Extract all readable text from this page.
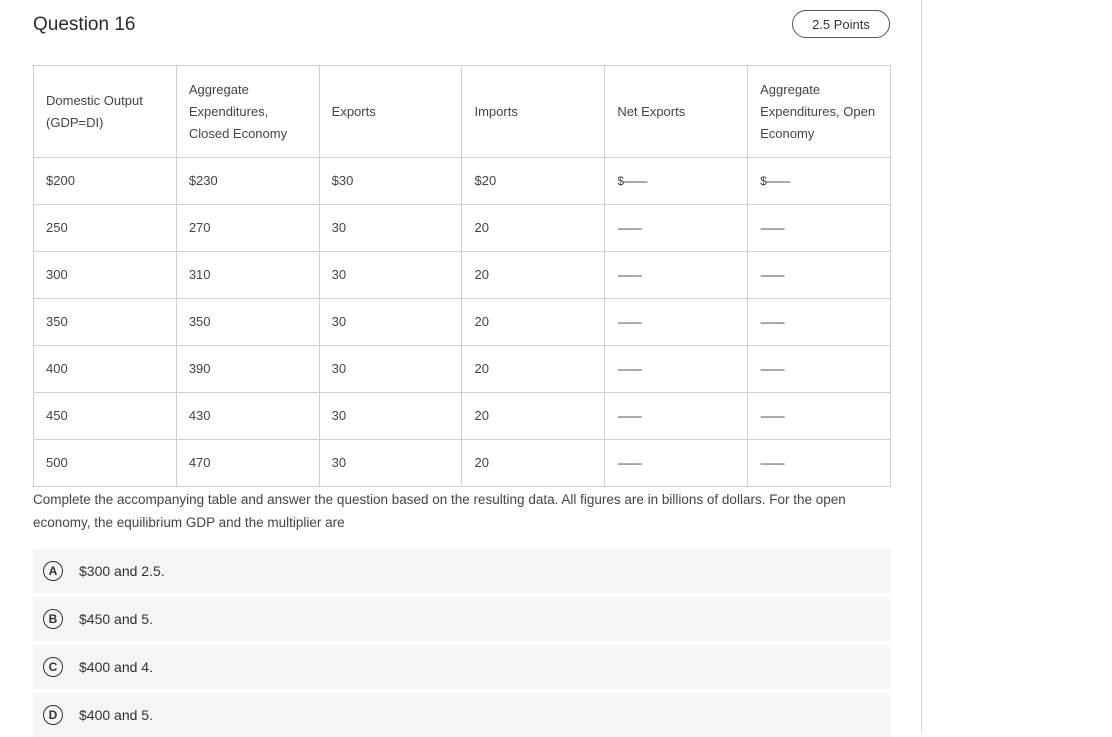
Question 16	2.5 Points
Domestic Output (GDP=DI)	Aggregate Expenditures, Closed Economy	Exports	Imports	Net Exports	Aggregate Expenditures, Open Economy
$200	$230	$30	$20	$--------	$--------
250	270	30	20	--------	--------
300	310	30	20	--------	--------
350	350	30	20	--------	--------
400	390	30	20	--------	--------
450	430	30	20	--------	--------
500	470	30	20	--------	--------

Complete the accompanying table and answer the question based on the resulting data. All figures are in billions of dollars. For the open economy, the equilibrium GDP and the multiplier are

A	$300 and 2.5.
B	$450 and 5.
C	$400 and 4.
D	$400 and 5.
